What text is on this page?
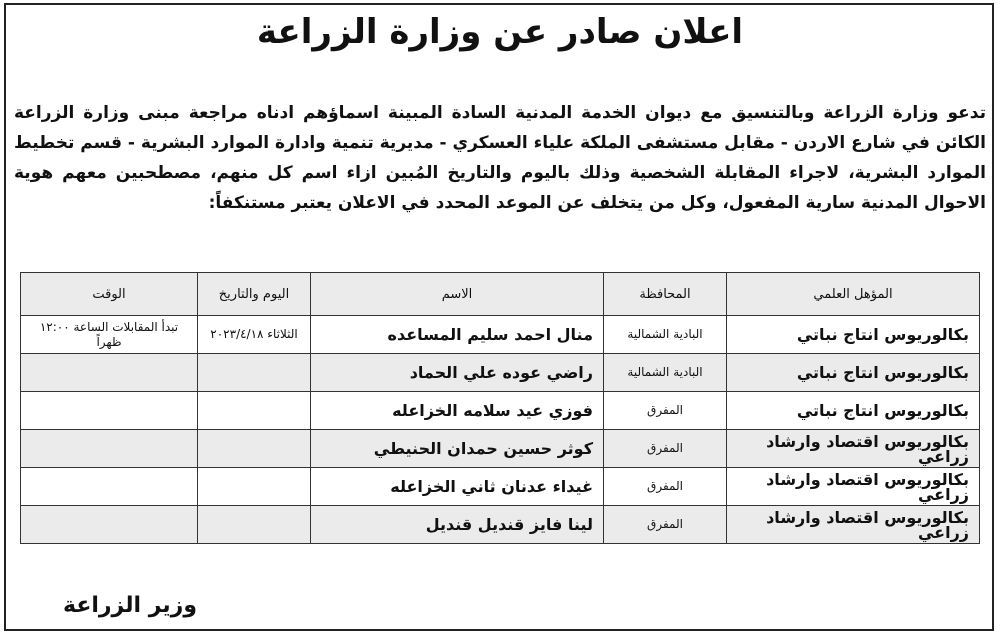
اعلان صادر عن وزارة الزراعة
تدعو وزارة الزراعة وبالتنسيق مع ديوان الخدمة المدنية السادة المبينة اسماؤهم ادناه مراجعة مبنى وزارة الزراعة الكائن في شارع الاردن - مقابل مستشفى الملكة علياء العسكري - مديرية تنمية وادارة الموارد البشرية - قسم تخطيط الموارد البشرية، لاجراء المقابلة الشخصية وذلك باليوم والتاريخ المُبين ازاء اسم كل منهم، مصطحبين معهم هوية الاحوال المدنية سارية المفعول، وكل من يتخلف عن الموعد المحدد في الاعلان يعتبر مستنكفاً:
المؤهل العلمي	المحافظة	الاسم	اليوم والتاريخ	الوقت
بكالوريوس انتاج نباتي	البادية الشمالية	منال احمد سليم المساعده	الثلاثاء ٢٠٢٣/٤/١٨	تبدأ المقابلات الساعة ١٢:٠٠ ظهراً
بكالوريوس انتاج نباتي	البادية الشمالية	راضي عوده علي الحماد		
بكالوريوس انتاج نباتي	المفرق	فوزي عيد سلامه الخزاعله		
بكالوريوس اقتصاد وارشاد زراعي	المفرق	كوثر حسين حمدان الحنيطي		
بكالوريوس اقتصاد وارشاد زراعي	المفرق	غيداء عدنان ثاني الخزاعله		
بكالوريوس اقتصاد وارشاد زراعي	المفرق	لينا فايز قنديل قنديل		
وزير الزراعة
